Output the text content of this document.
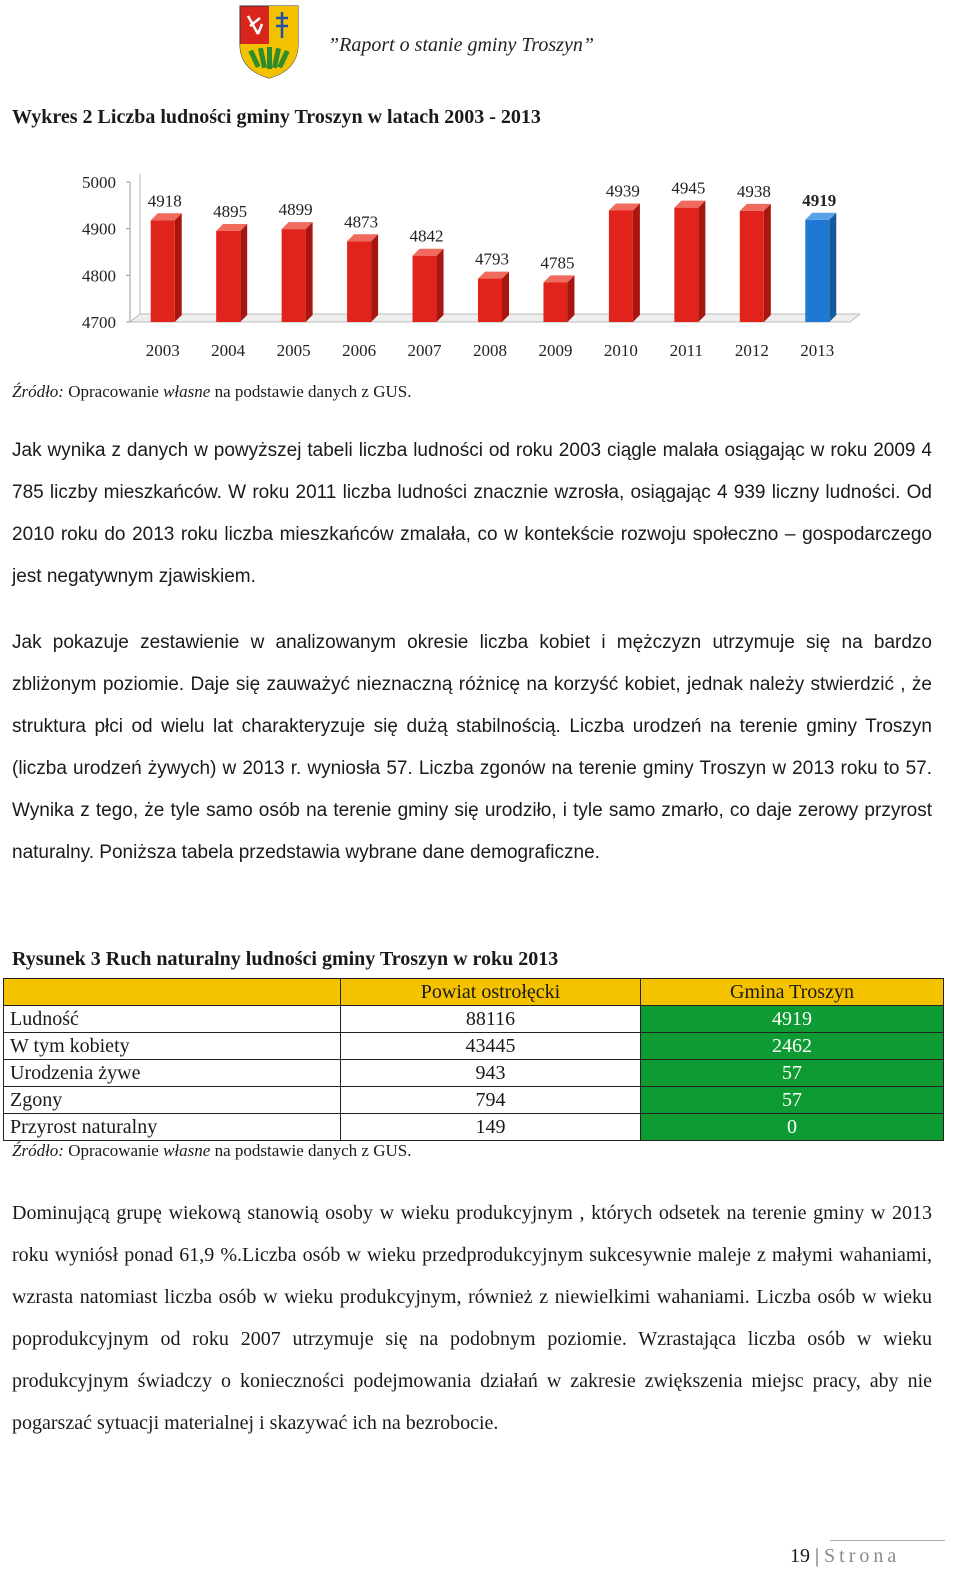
”Raport o stanie gminy Troszyn”
Wykres 2 Liczba ludności gminy Troszyn w latach 2003 - 2013
5000
4900
4800
4700
4918
2003
4895
2004
4899
2005
4873
2006
4842
2007
4793
2008
4785
2009
4939
2010
4945
2011
4938
2012
4919
2013
Źródło: Opracowanie własne na podstawie danych z GUS.

Jak wynika z danych w powyższej tabeli liczba ludności od roku 2003 ciągle malała osiągając w roku 2009 4 785 liczby mieszkańców. W roku 2011 liczba ludności znacznie wzrosła, osiągając 4 939 liczny ludności. Od 2010 roku do 2013 roku liczba mieszkańców zmalała, co w kontekście rozwoju społeczno – gospodarczego jest negatywnym zjawiskiem.

Jak pokazuje zestawienie w analizowanym okresie liczba kobiet i mężczyzn utrzymuje się na bardzo zbliżonym poziomie. Daje się zauważyć nieznaczną różnicę na korzyść kobiet, jednak należy stwierdzić , że struktura płci od wielu lat charakteryzuje się dużą stabilnością. Liczba urodzeń na terenie gminy Troszyn (liczba urodzeń żywych) w 2013 r. wyniosła 57. Liczba zgonów na terenie gminy Troszyn w 2013 roku to 57. Wynika z tego, że tyle samo osób na terenie gminy się urodziło, i tyle samo zmarło, co daje zerowy przyrost naturalny. Poniższa tabela przedstawia wybrane dane demograficzne.

Rysunek 3 Ruch naturalny ludności gminy Troszyn w roku 2013
	Powiat ostrołęcki	Gmina Troszyn
Ludność	88116	4919
W tym kobiety	43445	2462
Urodzenia żywe	943	57
Zgony	794	57
Przyrost naturalny	149	0
Źródło: Opracowanie własne na podstawie danych z GUS.

Dominującą grupę wiekową stanowią osoby w wieku produkcyjnym , których odsetek na terenie gminy w 2013 roku wyniósł ponad 61,9 %.Liczba osób w wieku przedprodukcyjnym sukcesywnie maleje z małymi wahaniami, wzrasta natomiast liczba osób w wieku produkcyjnym, również z niewielkimi wahaniami. Liczba osób w wieku poprodukcyjnym od roku 2007 utrzymuje się na podobnym poziomie. Wzrastająca liczba osób w wieku produkcyjnym świadczy o konieczności podejmowania działań w zakresie zwiększenia miejsc pracy, aby nie pogarszać sytuacji materialnej i skazywać ich na bezrobocie.

19 | Strona
